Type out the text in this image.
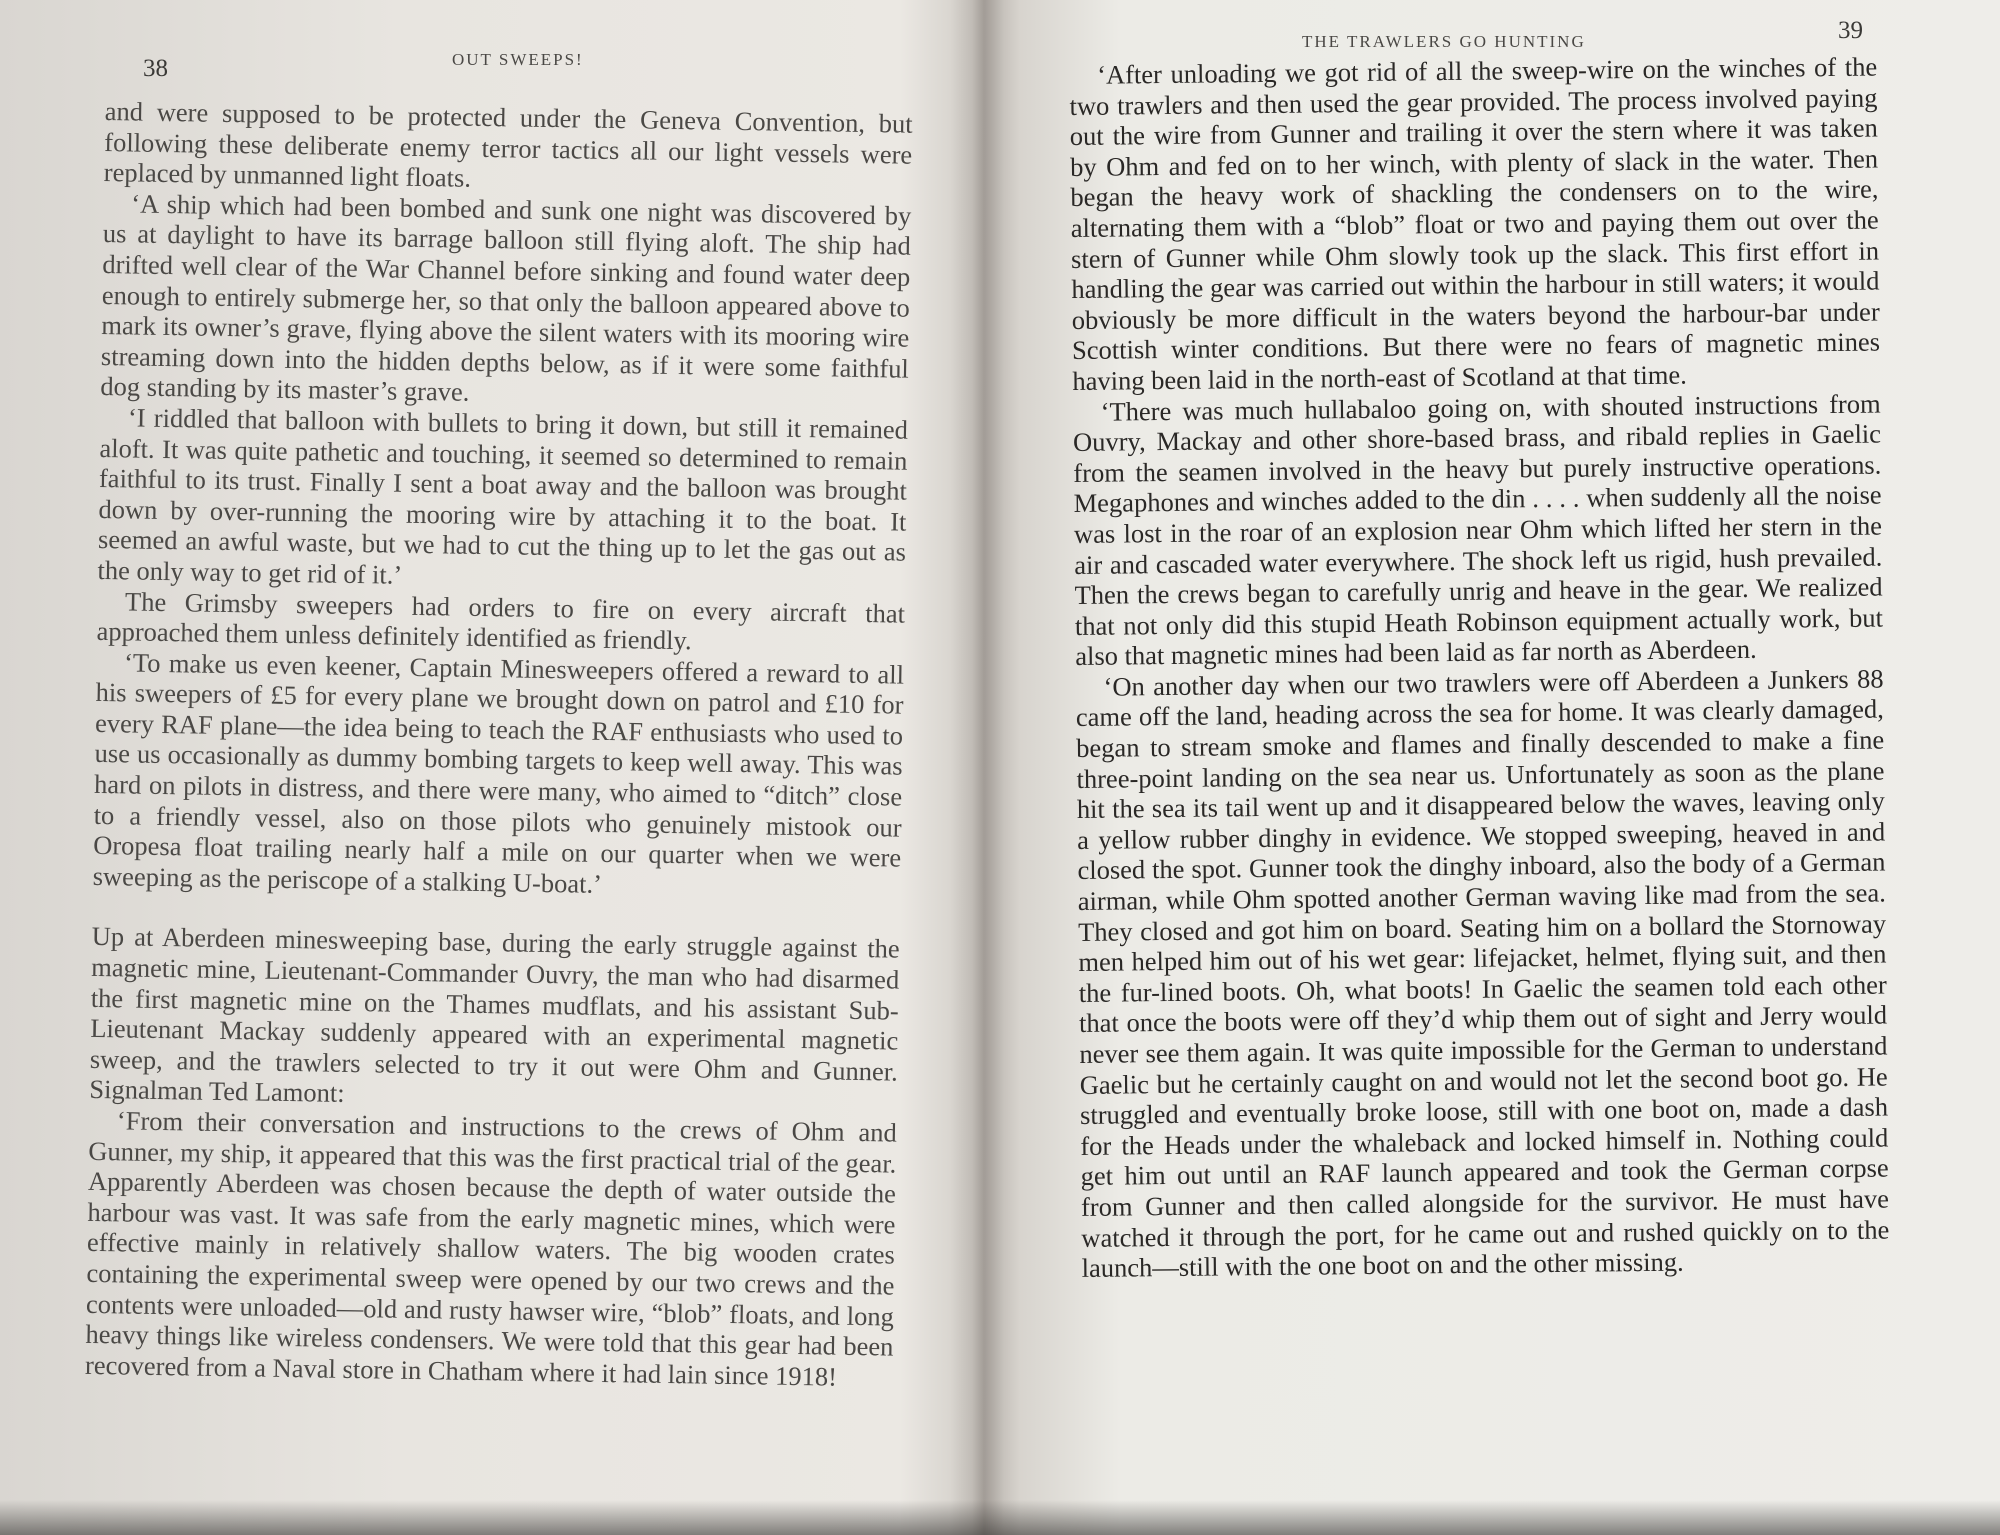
38	OUT SWEEPS!

and were supposed to be protected under the Geneva Convention, but following these deliberate enemy terror tactics all our light vessels were replaced by unmanned light floats.

‘A ship which had been bombed and sunk one night was discovered by us at daylight to have its barrage balloon still flying aloft. The ship had drifted well clear of the War Channel before sinking and found water deep enough to entirely submerge her, so that only the balloon appeared above to mark its owner’s grave, flying above the silent waters with its mooring wire streaming down into the hidden depths below, as if it were some faithful dog standing by its master’s grave.

‘I riddled that balloon with bullets to bring it down, but still it remained aloft. It was quite pathetic and touching, it seemed so determined to remain faithful to its trust. Finally I sent a boat away and the balloon was brought down by over-running the mooring wire by attaching it to the boat. It seemed an awful waste, but we had to cut the thing up to let the gas out as the only way to get rid of it.’

The Grimsby sweepers had orders to fire on every aircraft that approached them unless definitely identified as friendly.

‘To make us even keener, Captain Minesweepers offered a reward to all his sweepers of £5 for every plane we brought down on patrol and £10 for every RAF plane—the idea being to teach the RAF enthusiasts who used to use us occasionally as dummy bombing targets to keep well away. This was hard on pilots in distress, and there were many, who aimed to “ditch” close to a friendly vessel, also on those pilots who genuinely mistook our Oropesa float trailing nearly half a mile on our quarter when we were sweeping as the periscope of a stalking U-boat.’

Up at Aberdeen minesweeping base, during the early struggle against the magnetic mine, Lieutenant-Commander Ouvry, the man who had disarmed the first magnetic mine on the Thames mudflats, and his assistant Sub-Lieutenant Mackay suddenly appeared with an experimental magnetic sweep, and the trawlers selected to try it out were Ohm and Gunner. Signalman Ted Lamont:

‘From their conversation and instructions to the crews of Ohm and Gunner, my ship, it appeared that this was the first practical trial of the gear. Apparently Aberdeen was chosen because the depth of water outside the harbour was vast. It was safe from the early magnetic mines, which were effective mainly in relatively shallow waters. The big wooden crates containing the experimental sweep were opened by our two crews and the contents were unloaded—old and rusty hawser wire, “blob” floats, and long heavy things like wireless condensers. We were told that this gear had been recovered from a Naval store in Chatham where it had lain since 1918!

THE TRAWLERS GO HUNTING	39

‘After unloading we got rid of all the sweep-wire on the winches of the two trawlers and then used the gear provided. The process involved paying out the wire from Gunner and trailing it over the stern where it was taken by Ohm and fed on to her winch, with plenty of slack in the water. Then began the heavy work of shackling the condensers on to the wire, alternating them with a “blob” float or two and paying them out over the stern of Gunner while Ohm slowly took up the slack. This first effort in handling the gear was carried out within the harbour in still waters; it would obviously be more difficult in the waters beyond the harbour-bar under Scottish winter conditions. But there were no fears of magnetic mines having been laid in the north-east of Scotland at that time.

‘There was much hullabaloo going on, with shouted instructions from Ouvry, Mackay and other shore-based brass, and ribald replies in Gaelic from the seamen involved in the heavy but purely instructive operations. Megaphones and winches added to the din . . . . when suddenly all the noise was lost in the roar of an explosion near Ohm which lifted her stern in the air and cascaded water everywhere. The shock left us rigid, hush prevailed. Then the crews began to carefully unrig and heave in the gear. We realized that not only did this stupid Heath Robinson equipment actually work, but also that magnetic mines had been laid as far north as Aberdeen.

‘On another day when our two trawlers were off Aberdeen a Junkers 88 came off the land, heading across the sea for home. It was clearly damaged, began to stream smoke and flames and finally descended to make a fine three-point landing on the sea near us. Unfortunately as soon as the plane hit the sea its tail went up and it disappeared below the waves, leaving only a yellow rubber dinghy in evidence. We stopped sweeping, heaved in and closed the spot. Gunner took the dinghy inboard, also the body of a German airman, while Ohm spotted another German waving like mad from the sea. They closed and got him on board. Seating him on a bollard the Stornoway men helped him out of his wet gear: lifejacket, helmet, flying suit, and then the fur-lined boots. Oh, what boots! In Gaelic the seamen told each other that once the boots were off they’d whip them out of sight and Jerry would never see them again. It was quite impossible for the German to understand Gaelic but he certainly caught on and would not let the second boot go. He struggled and eventually broke loose, still with one boot on, made a dash for the Heads under the whaleback and locked himself in. Nothing could get him out until an RAF launch appeared and took the German corpse from Gunner and then called alongside for the survivor. He must have watched it through the port, for he came out and rushed quickly on to the launch—still with the one boot on and the other missing.
